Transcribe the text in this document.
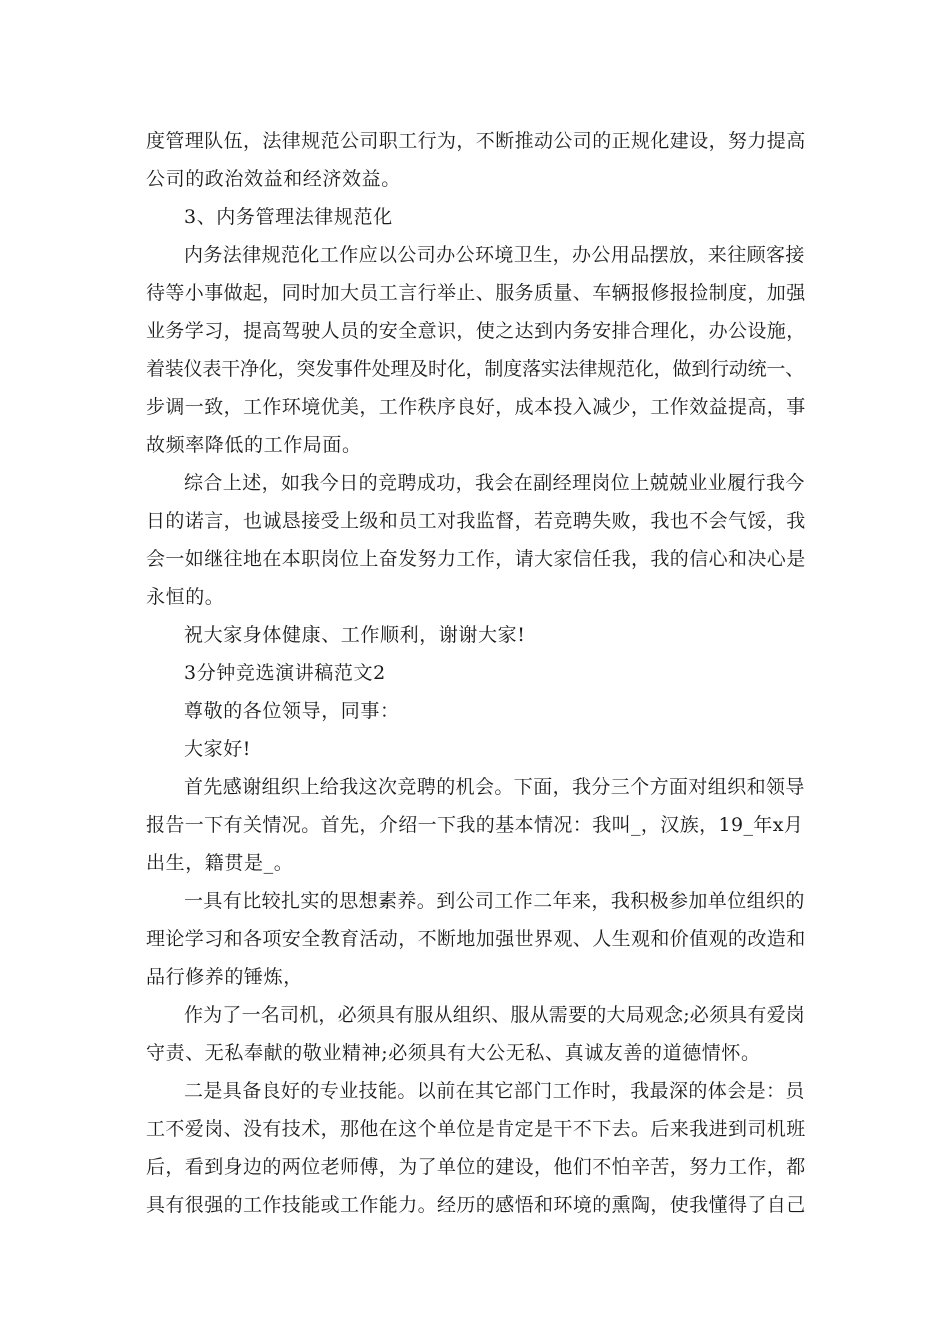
度管理队伍，法律规范公司职工行为，不断推动公司的正规化建设，努力提高
公司的政治效益和经济效益。
3、内务管理法律规范化
内务法律规范化工作应以公司办公环境卫生，办公用品摆放，来往顾客接
待等小事做起，同时加大员工言行举止、服务质量、车辆报修报捡制度，加强
业务学习，提高驾驶人员的安全意识，使之达到内务安排合理化，办公设施，
着装仪表干净化，突发事件处理及时化，制度落实法律规范化，做到行动统一、
步调一致，工作环境优美，工作秩序良好，成本投入减少，工作效益提高，事
故频率降低的工作局面。
综合上述，如我今日的竞聘成功，我会在副经理岗位上兢兢业业履行我今
日的诺言，也诚恳接受上级和员工对我监督，若竞聘失败，我也不会气馁，我
会一如继往地在本职岗位上奋发努力工作，请大家信任我，我的信心和决心是
永恒的。
祝大家身体健康、工作顺利，谢谢大家!
3分钟竞选演讲稿范文2
尊敬的各位领导，同事：
大家好!
首先感谢组织上给我这次竞聘的机会。下面，我分三个方面对组织和领导
报告一下有关情况。首先，介绍一下我的基本情况：我叫_，汉族，19_年x月
出生，籍贯是_。
一具有比较扎实的思想素养。到公司工作二年来，我积极参加单位组织的
理论学习和各项安全教育活动，不断地加强世界观、人生观和价值观的改造和
品行修养的锤炼，
作为了一名司机，必须具有服从组织、服从需要的大局观念;必须具有爱岗
守责、无私奉献的敬业精神;必须具有大公无私、真诚友善的道德情怀。
二是具备良好的专业技能。以前在其它部门工作时，我最深的体会是：员
工不爱岗、没有技术，那他在这个单位是肯定是干不下去。后来我进到司机班
后，看到身边的两位老师傅，为了单位的建设，他们不怕辛苦，努力工作，都
具有很强的工作技能或工作能力。经历的感悟和环境的熏陶，使我懂得了自己
